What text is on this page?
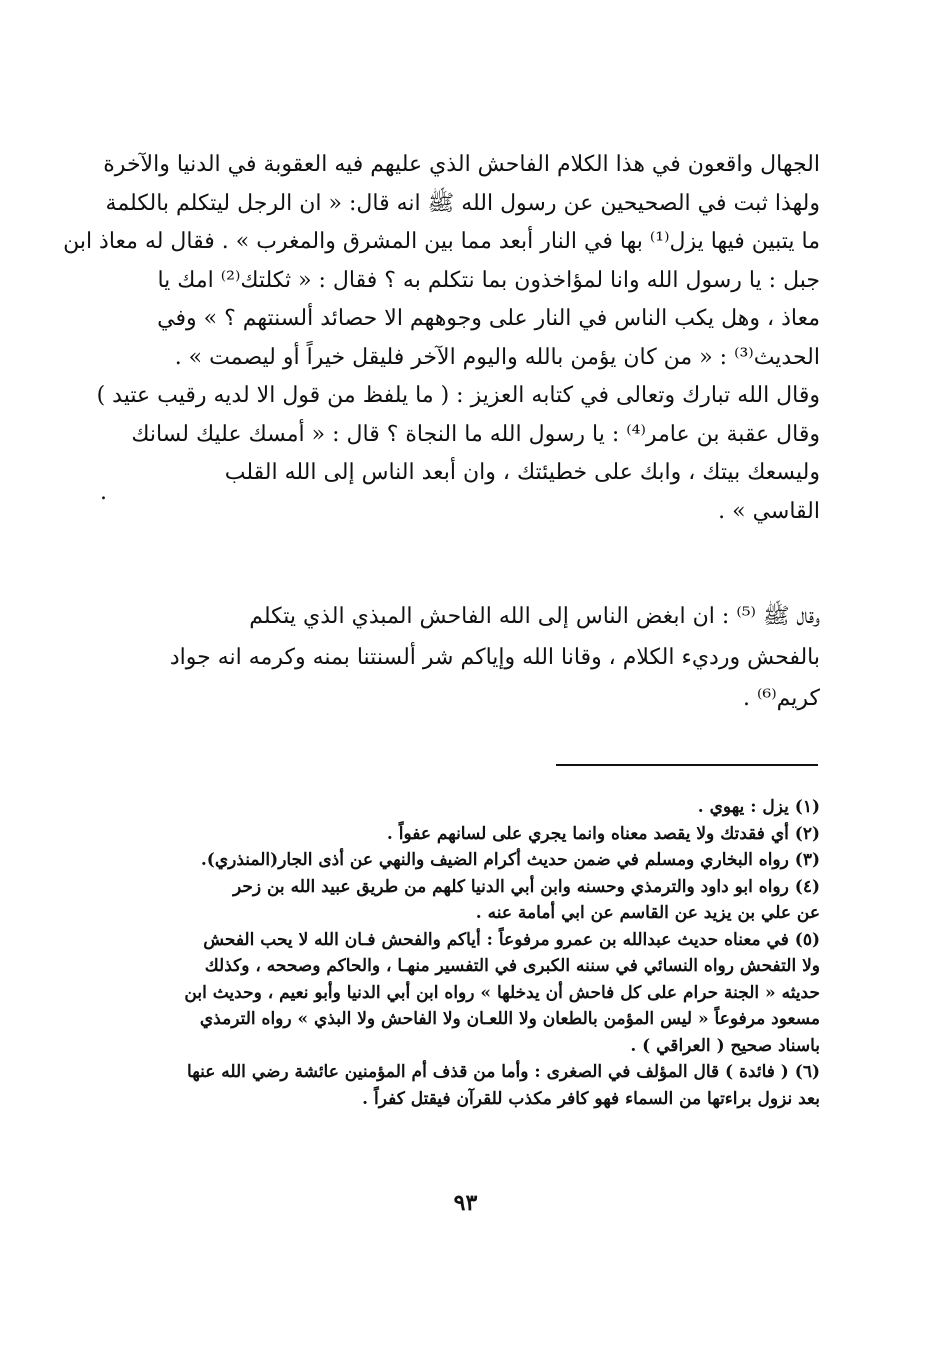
الجهال واقعون في هذا الكلام الفاحش الذي عليهم فيه العقوبة في الدنيا والآخرة
ولهذا ثبت في الصحيحين عن رسول الله ﷺ انه قال: « ان الرجل ليتكلم بالكلمة
ما يتبين فيها يزل⁽¹⁾ بها في النار أبعد مما بين المشرق والمغرب » . فقال له معاذ ابن
جبل : يا رسول الله وانا لمؤاخذون بما نتكلم به ؟ فقال : « ثكلتك⁽²⁾ امك يا
معاذ ، وهل يكب الناس في النار على وجوههم الا حصائد ألسنتهم ؟ » وفي
الحديث⁽³⁾ : « من كان يؤمن بالله واليوم الآخر فليقل خيراً أو ليصمت » .
وقال الله تبارك وتعالى في كتابه العزيز : ( ما يلفظ من قول الا لديه رقيب عتيد )
وقال عقبة بن عامر⁽⁴⁾ : يا رسول الله ما النجاة ؟ قال : « أمسك عليك لسانك
وليسعك بيتك ، وابك على خطيئتك ، وان أبعد الناس إلى الله القلب
القاسي » .
.
وقال ﷺ ⁽⁵⁾ : ان ابغض الناس إلى الله الفاحش المبذي الذي يتكلم
بالفحش ورديء الكلام ، وقانا الله وإياكم شر ألسنتنا بمنه وكرمه انه جواد
كريم⁽⁶⁾ .
(١) يزل : يهوي .
(٢) أي فقدتك ولا يقصد معناه وانما يجري على لسانهم عفواً .
(٣) رواه البخاري ومسلم في ضمن حديث أكرام الضيف والنهي عن أذى الجار(المنذري).
(٤) رواه ابو داود والترمذي وحسنه وابن أبي الدنيا كلهم من طريق عبيد الله بن زحر
عن علي بن يزيد عن القاسم عن ابي أمامة عنه .
(٥) في معناه حديث عبدالله بن عمرو مرفوعاً : أياكم والفحش فـان الله لا يحب الفحش
ولا التفحش رواه النسائي في سننه الكبرى في التفسير منهـا ، والحاكم وصححه ، وكذلك
حديثه « الجنة حرام على كل فاحش أن يدخلها » رواه ابن أبي الدنيا وأبو نعيم ، وحديث ابن
مسعود مرفوعاً « ليس المؤمن بالطعان ولا اللعـان ولا الفاحش ولا البذي » رواه الترمذي
باسناد صحيح ( العراقي ) .
(٦) ( فائدة ) قال المؤلف في الصغرى : وأما من قذف أم المؤمنين عائشة رضي الله عنها
بعد نزول براءتها من السماء فهو كافر مكذب للقرآن فيقتل كفراً .
٩٣
